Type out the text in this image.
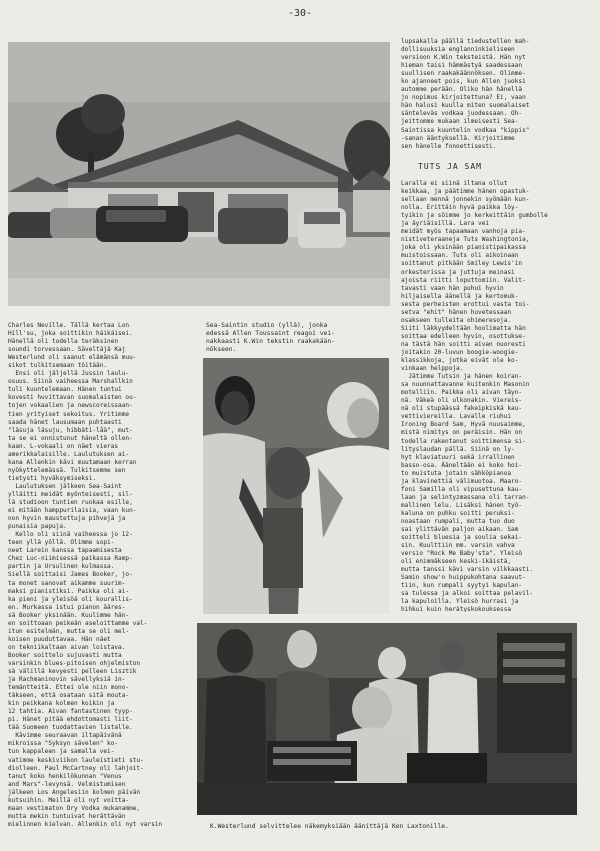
-30-
lupsakalla päällä tiedustellen mah-
dollisuuksia englanninkieliseen
versioon K.Win teksteistä. Hän nyt
hieman taisi hämmästyä saadessaan
suullisen raakakäännöksen. Olimme-
ko ajanneet pois, kun Allen juoksi
automme perään. Oliko hän hänellä
jo nopimus kirjoitettuna? Ei, vaan
hän halusi kuulla miten suomalaiset
sänteleväs vodkaa juodessaan. Oh-
jeittomme mukaan ilmeisesti Sea-
Saintissa kuuntelin vodkaa "kippis"
-sanan ääntyksellä. Kirjoitimme
sen hänelle fonoettisesti.
TUTS JA SAM
Laralla ei siinä iltana ollut
keikkaa, ja päätimme hänen opastuk-
sellaan mennä jonnekin syömään kun-
nolla. Erittäin hyvä paikka löy-
tyikin ja söimme jo kerkeittäin gumbolle
ja äyriäisillä. Lara vei
meidät myös tapaamaan vanhoja pia-
nistiveteraaneja Tuts Washingtonia,
joka oli yksinään pianistipaikassa
muistoissaan. Tuts oli aikoinaan
soittanut pitkään Smiley Lewis'in
orkesterissa ja juttuja meinasi
ajoista riitti loputtomiin. Valit-
tavasti vaan hän puhui hyvin
hiljaisella äänellä ja kertomuk-
sesta perheisten erottui vasta toi-
setva "ehit" hänen huvetessaan
osakseen tulleita ohimeresoja.
Siiti läkkyydeltään hoolimatta hän
soittaa edelleen hyvin, osottukse-
na tästä hän soitti aivan nuoresti
joitakin 20-luvun boogie-woogie-
klassikkoja, jotka eivät ole ko-
vinkaan helppoja.
Jätimme Tutsin ja hänen koiran-
sa nuunnattavanne kuitenkin Masonin
motelliin. Paikka oli aivan täyn-
nä. Väkeä oli ulkonakin. Viereis-
nä oli stupäässä fakeipkiskä kau-
vettiviereilla. Lavalle riuhui
Ironing Board Sam, Hyvä nuusaimme,
mistä nimitys on peräisin. Hän on
todella rakentanut soittimensa si-
lityslaudan pällä. Siinä on ly-
hyt klaviatuuri sekä irrallinen
basso-osa. Ääneltään ei koko hoi-
to muistuta jotain sähköpianoa
ja klavinettiä välimuotoa. Maaro-
foni Samilla oli vipusettuna kau-
laan ja selintyzmassana oli tarran-
mallinen lelu. Lisäksi hänen työ-
kaluna on puhku soitti peruksi-
noastaan rumpali, mutta tuo duo
sai ylittävän paljon aikaan. Sam
soitteli bluesia ja soulia sekai-
sin. Kuulttiin mm. varsin vahva
versio "Rock Me Baby'sta". Yleisö
oli enimmäkseen keski-ikäistä,
mutta tanssi kävi varsin vilkkaasti.
Samin show'n huippukohtana saavut-
tiin, kun rumpali syytyi kapulan-
sa tulessa ja alkoi soittaa pelavil-
la kapuloilla. Yleisö hurrasi ja
hihkui kuin herätyskokouksessa
Charles Neville. Tällä kertaa Lon
Hill'su, joka soittikin häikäisei.
Hänellä oli todella teräksinen
soundi torvessaan. Säveltäjä Kaj
Westerlund oli saanut elämänsä muu-
sikot tulkitsemaan töitään.
Ensi oli jäljellä Jussin laulu-
osuus. Siinä vaiheessa Marshallkin
tuli kuuntelemaan. Hänen tuntui
kovesti huvittavan suomalaisten ou-
tojen vokaalien ja newscoreissaan-
tien yrityiset sekoitus. Yritimme
saada hänet lausumaan puhtaasti
"läsuja läsuju, hibbäti-låä", mut-
ta se ei onnistunut häneltä ollen-
kaan. L-vokaali on näet vieras
amerikkalaisille. Laulutuksen ai-
kana Allenkin kävi muutamaan kerran
nyökyttelemässä. Tulkitsemme sen
tietysti hyväksymiseksi.
Laulutuksen jälkeen Sea-Saint
ylläitti meidät myönteisesti, sil-
lä studioon tuntien ruokaa esille,
ei mitään hamppurilaisia, vaan kun-
non hyvin maustettuja pihvejä ja
punaisia papuja.
Kello oli siinä vaiheessa jo 12-
teen yllä yöllä. Olimme sopi-
neet Larein kanssa tapaamisesta
Chez Luc-niimisessä paikassa Ramp-
partin ja Ursulinen kulmassa.
Siellä soittaisi James Booker, jo-
ta monet sanovat aikamme suurim-
maksi pianistiksi. Paikka oli ai-
ka pieni ja yleisöä oli kourallis-
en. Murkassa istui pianon ääres-
sä Booker yksinään. Kuulimme hän-
en soittoaan peikeän aseloittamme val-
itun esitelmän, mutta se oli mel-
koisen puuduttavaa. Hän näet
on tekniikaltaan aivan loistava.
Booker soittelo sujuvasti mutta
varsinkin blues-pitoisen ohjelmiston
sä välillä kevyesti pelleen Lisztik
ja Rachmaninovin sävellyksiä in-
temäntteitä. Ettei ole niin mono-
täkseen, että osataan sitä mouta-
kin peikkana kolmen koikin ja
12 tahtia. Aivan fantastinen tyyp-
pi. Hänet pitää ehdottomasti liit-
tää Suomeen tuodattavien listalle.
Kävimme seuraavan iltapäivänä
mikroissa "Syksyn sävelen" ko-
tun kappaleen ja samalla vei-
vatimme keskiviikon lauleistieti stu-
diolleen. Paul McCartney oli lahjoit-
tanut koko henkilökunnan "Venus
and Mars"-levynsä. Velmistumisen
jälkeen Los Angelesiin kolmen päivän
kutsuihin. Meillä oli nyt voitta-
maan vestimaton Dry Vodka mukanamme,
mutta mekin tuntuivat herättävän
mielinnen kielvan. Allenkin oli nyt varsin
Sea-Saintin studio (yllä), jonka
edessä Allen Toussaint reagoi vei-
nakkaasti K.Win tekstin raakakään-
nökseen.
K.Westerlund selvittelee näkemyksiään äänittäjä Ken Laxtonille.
